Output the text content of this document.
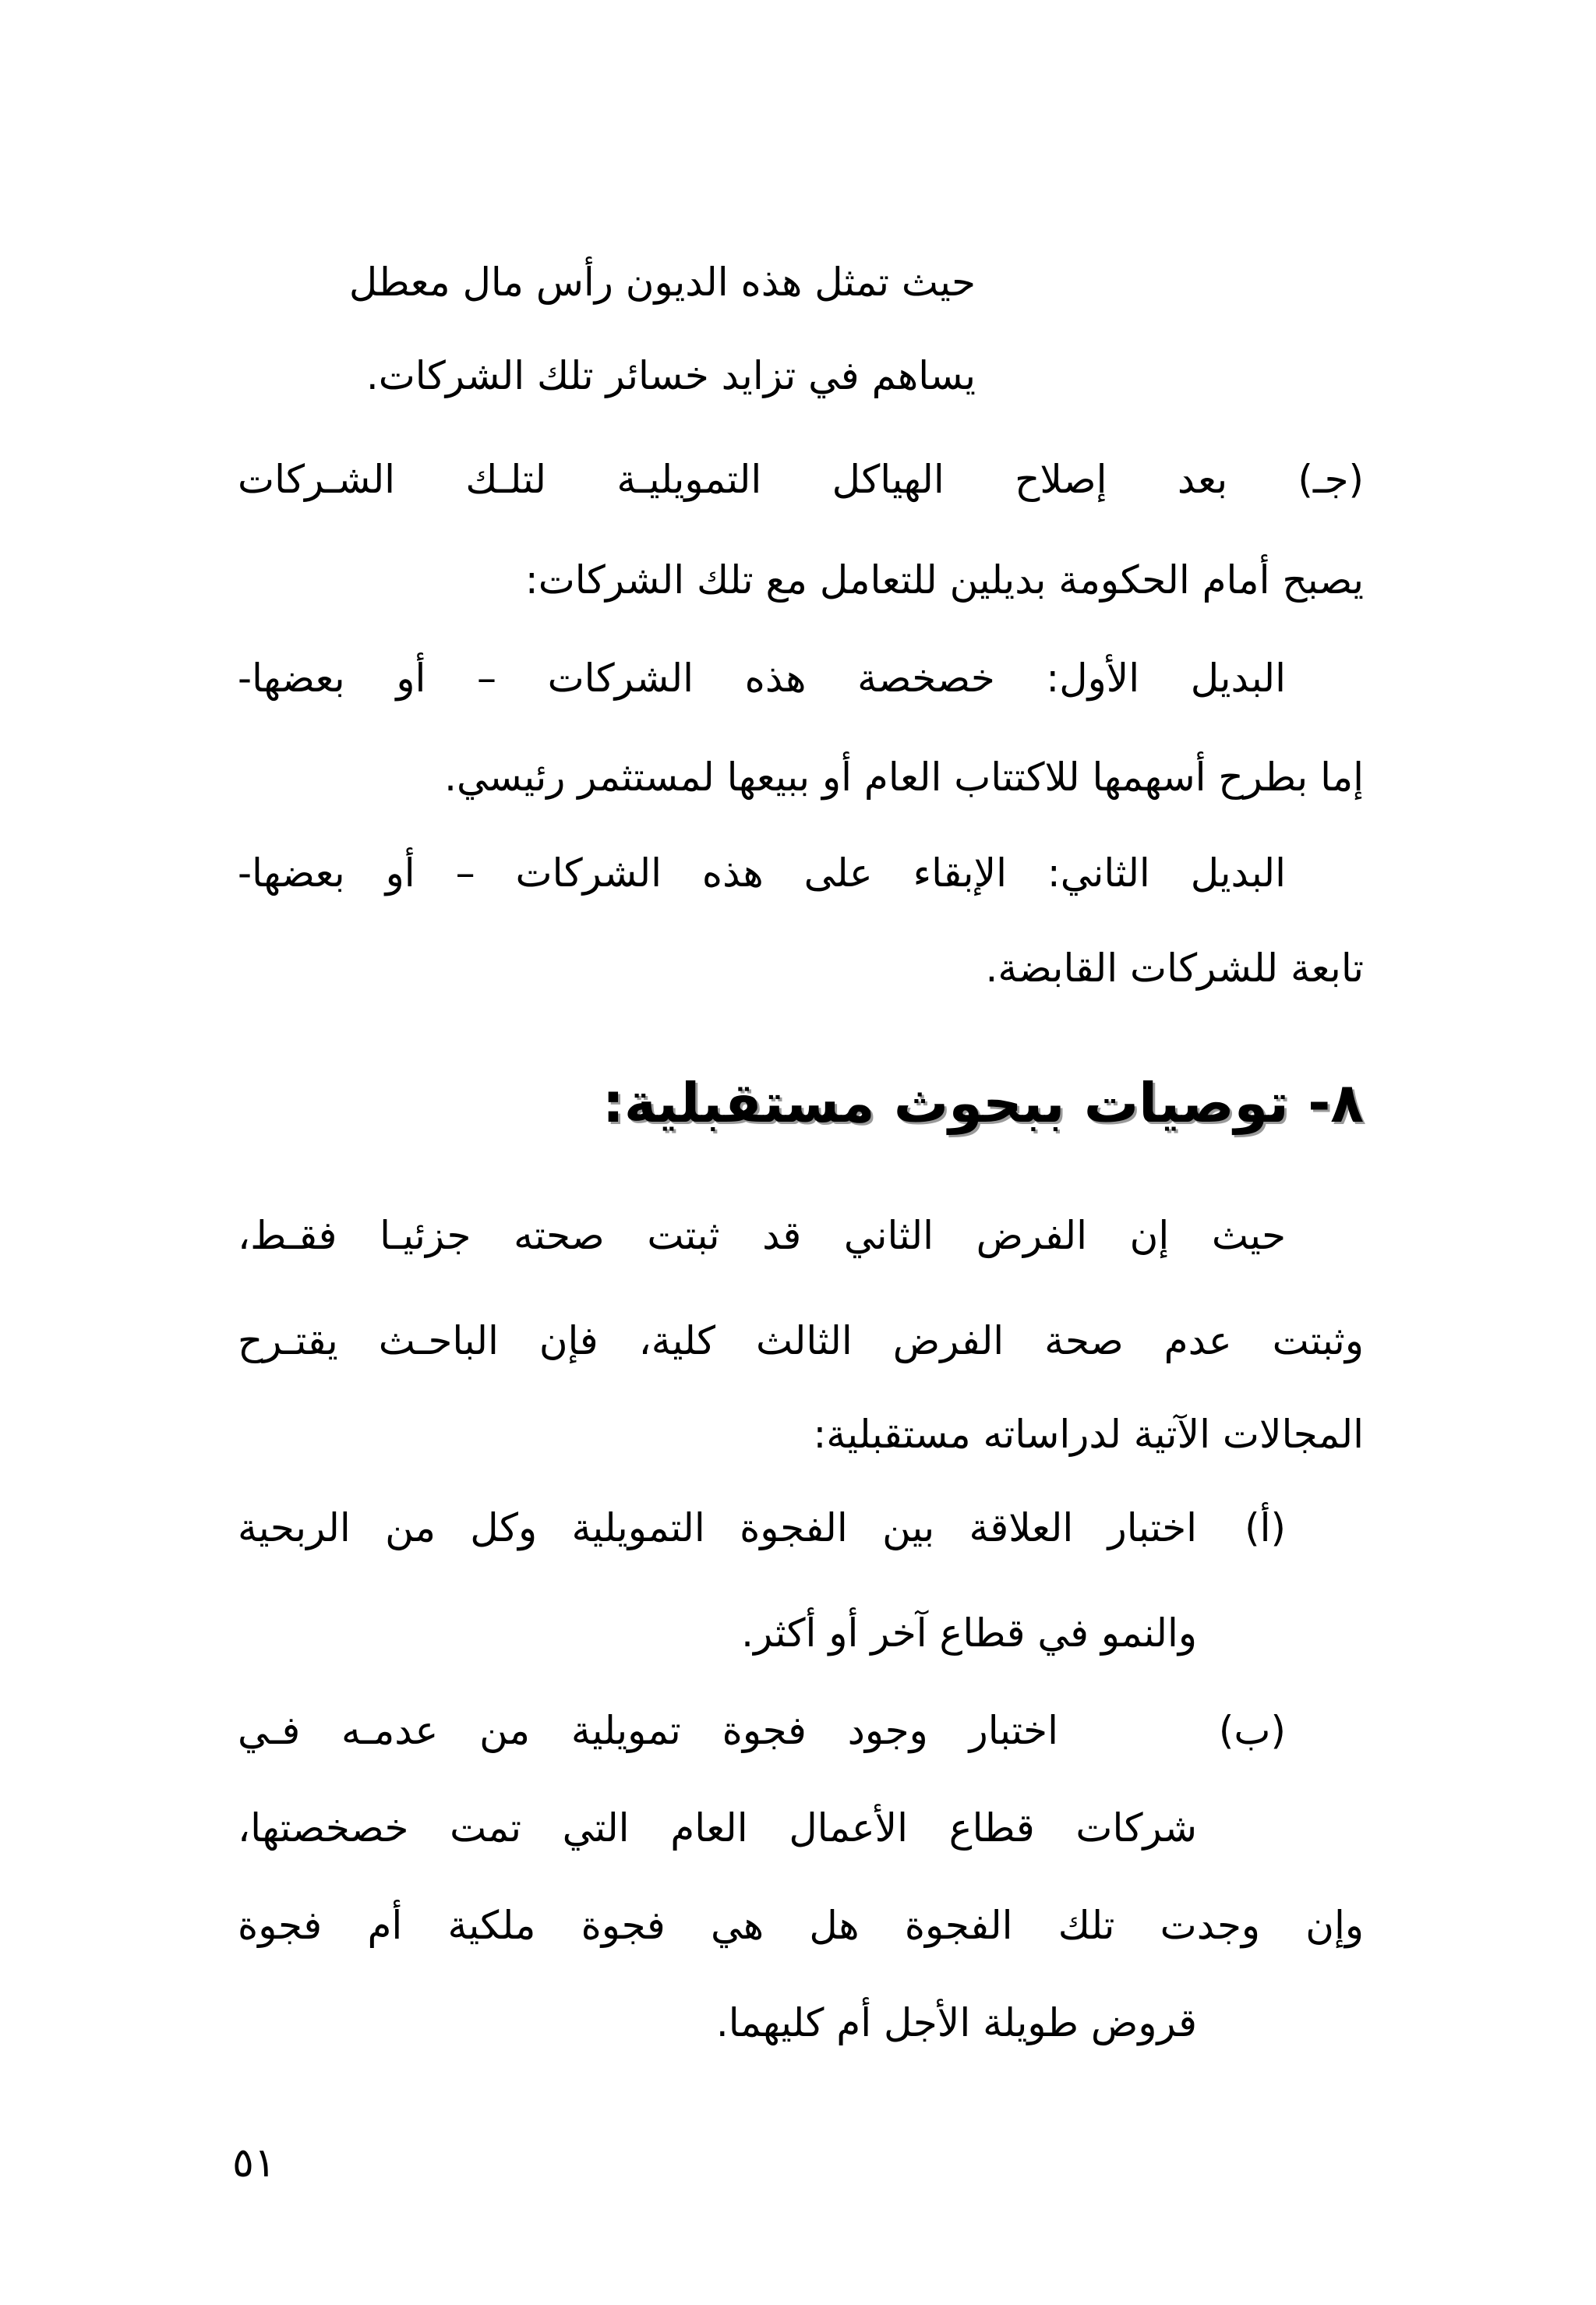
حيث تمثل هذه الديون رأس مال معطل
يساهم في تزايد خسائر تلك الشركات.
(جـ) بعد إصلاح الهياكل التمويليـة لتلـك الشـركات
يصبح أمام الحكومة بديلين للتعامل مع تلك الشركات:
البديل الأول: خصخصة هذه الشركات – أو بعضها-
إما بطرح أسهمها للاكتتاب العام أو ببيعها لمستثمر رئيسي.
البديل الثاني: الإبقاء على هذه الشركات – أو بعضها-
تابعة للشركات القابضة.
٨- توصيات ببحوث مستقبلية:
حيث إن الفرض الثاني قد ثبتت صحته جزئيـا فقـط،
وثبتت عدم صحة الفرض الثالث كلية، فإن الباحـث يقتـرح
المجالات الآتية لدراساته مستقبلية:
(أ)
اختبار العلاقة بين الفجوة التمويلية وكل من الربحية
والنمو في قطاع آخر أو أكثر.
(ب)
اختبار وجود فجوة تمويلية من عدمـه فـي
شركات قطاع الأعمال العام التي تمت خصخصتها،
وإن وجدت تلك الفجوة هل هي فجوة ملكية أم فجوة
قروض طويلة الأجل أم كليهما.
٥١
